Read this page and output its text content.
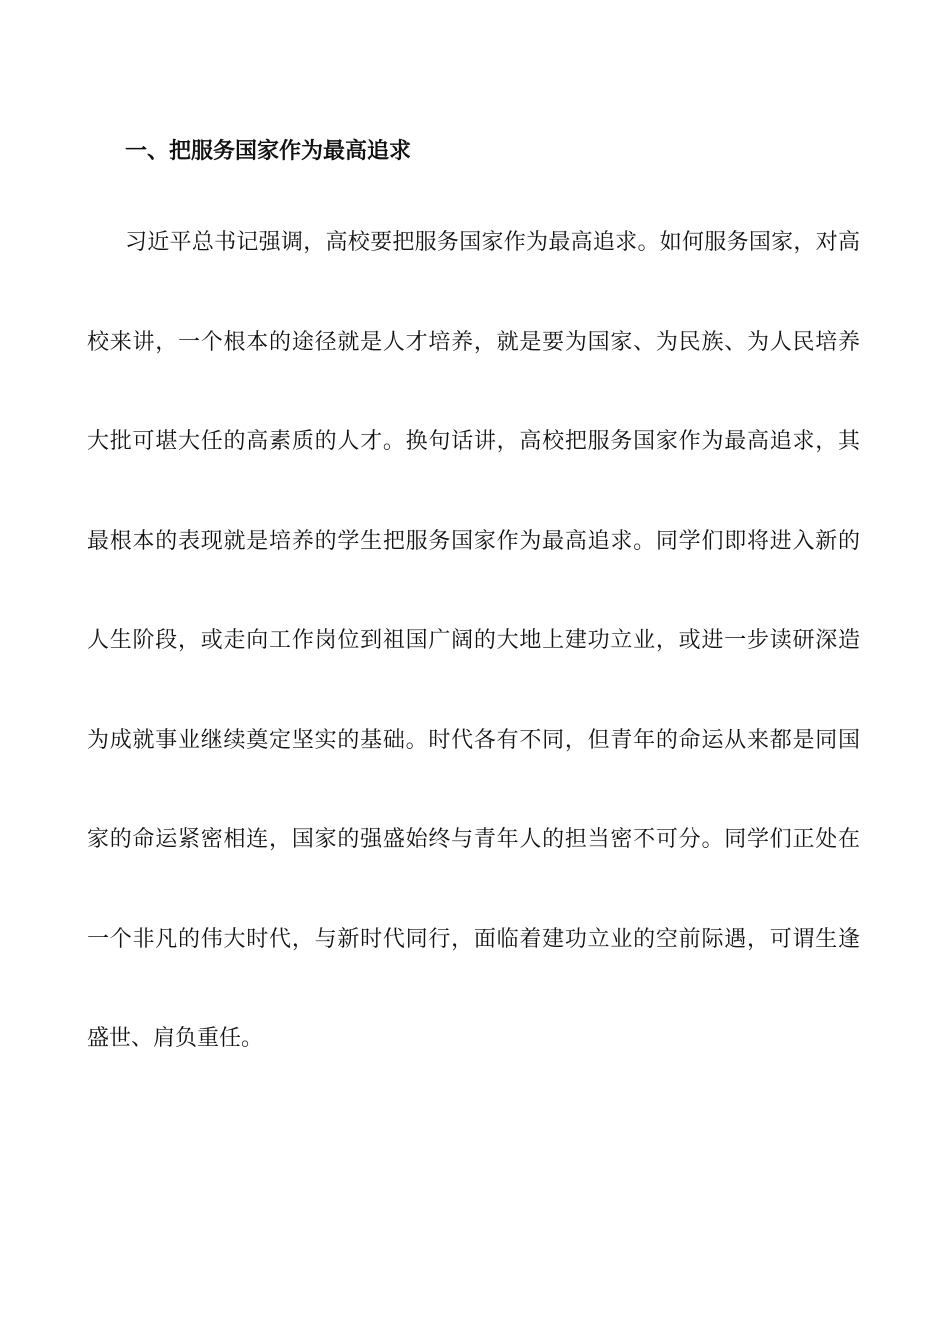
一、把服务国家作为最高追求
习近平总书记强调，高校要把服务国家作为最高追求。如何服务国家，对高
校来讲，一个根本的途径就是人才培养，就是要为国家、为民族、为人民培养
大批可堪大任的高素质的人才。换句话讲，高校把服务国家作为最高追求，其
最根本的表现就是培养的学生把服务国家作为最高追求。同学们即将进入新的
人生阶段，或走向工作岗位到祖国广阔的大地上建功立业，或进一步读研深造
为成就事业继续奠定坚实的基础。时代各有不同，但青年的命运从来都是同国
家的命运紧密相连，国家的强盛始终与青年人的担当密不可分。同学们正处在
一个非凡的伟大时代，与新时代同行，面临着建功立业的空前际遇，可谓生逢
盛世、肩负重任。
